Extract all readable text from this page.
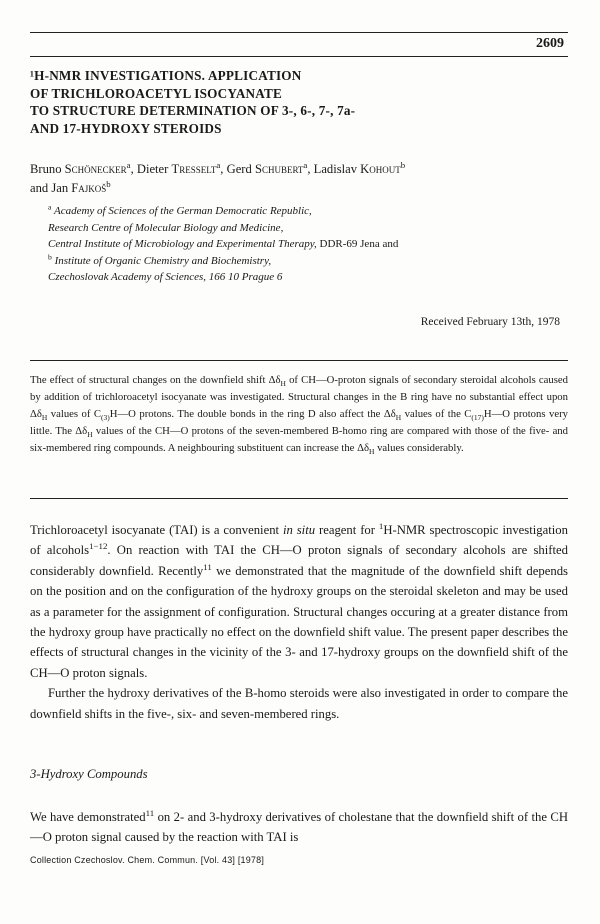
2609
¹H-NMR INVESTIGATIONS. APPLICATION
OF TRICHLOROACETYL ISOCYANATE
TO STRUCTURE DETERMINATION OF 3-, 6-, 7-, 7a-
AND 17-HYDROXY STEROIDS
Bruno Schönecker$^a$, Dieter Tresselt$^a$, Gerd Schubert$^a$, Ladislav Kohout$^b$
and Jan Fajkoš$^b$
$^a$ Academy of Sciences of the German Democratic Republic,
Research Centre of Molecular Biology and Medicine,
Central Institute of Microbiology and Experimental Therapy, DDR-69 Jena and
$^b$ Institute of Organic Chemistry and Biochemistry,
Czechoslovak Academy of Sciences, 166 10 Prague 6
Received February 13th, 1978
The effect of structural changes on the downfield shift $\Delta\delta_H$ of CH—O-proton signals of secondary steroidal alcohols caused by addition of trichloroacetyl isocyanate was investigated. Structural changes in the B ring have no substantial effect upon $\Delta\delta_H$ values of $C_{(3)}H—O$ protons. The double bonds in the ring D also affect the $\Delta\delta_H$ values of the $C_{(17)}H—O$ protons very little. The $\Delta\delta_H$ values of the CH—O protons of the seven-membered B-homo ring are compared with those of the five- and six-membered ring compounds. A neighbouring substituent can increase the $\Delta\delta_H$ values considerably.

Trichloroacetyl isocyanate (TAI) is a convenient in situ reagent for $^1$H-NMR spectroscopic investigation of alcohols$^{1-12}$. On reaction with TAI the CH—O proton signals of secondary alcohols are shifted considerably downfield. Recently$^{11}$ we demonstrated that the magnitude of the downfield shift depends on the position and on the configuration of the hydroxy groups on the steroidal skeleton and may be used as a parameter for the assignment of configuration. Structural changes occuring at a greater distance from the hydroxy group have practically no effect on the downfield shift value. The present paper describes the effects of structural changes in the vicinity of the 3- and 17-hydroxy groups on the downfield shift of the CH—O proton signals.

Further the hydroxy derivatives of the B-homo steroids were also investigated in order to compare the downfield shifts in the five-, six- and seven-membered rings.

3-Hydroxy Compounds

We have demonstrated$^{11}$ on 2- and 3-hydroxy derivatives of cholestane that the downfield shift of the CH—O proton signal caused by the reaction with TAI is

Collection Czechoslov. Chem. Commun. [Vol. 43] [1978]
